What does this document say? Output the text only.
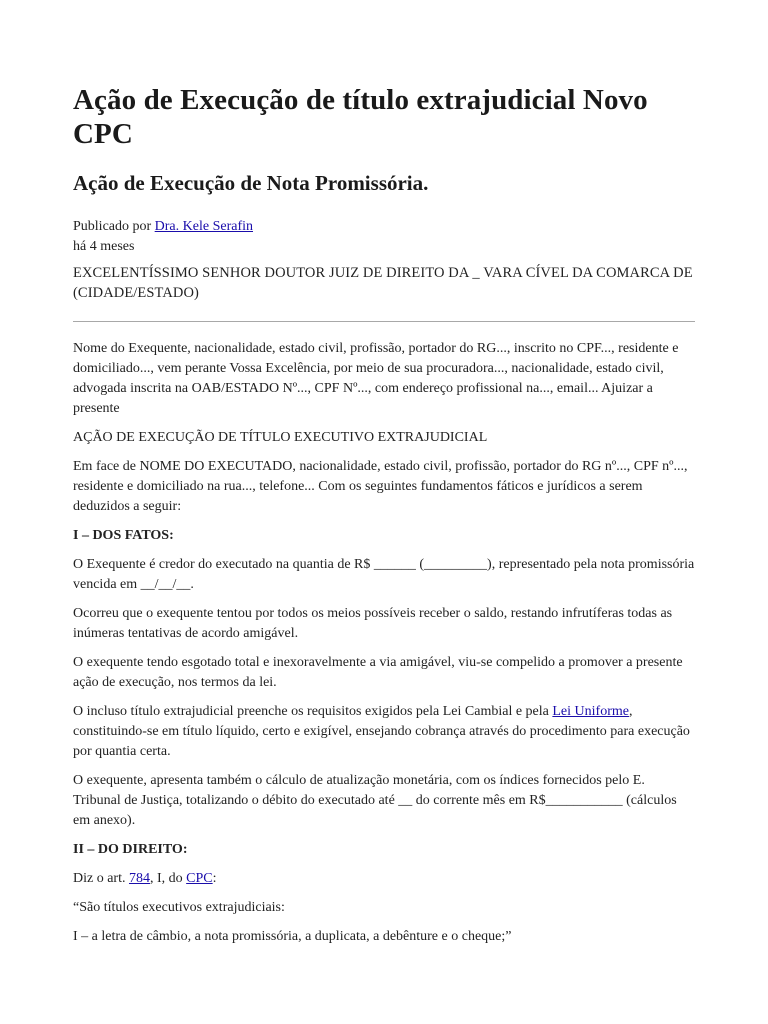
Ação de Execução de título extrajudicial Novo CPC
Ação de Execução de Nota Promissória.
Publicado por Dra. Kele Serafin
há 4 meses
EXCELENTÍSSIMO SENHOR DOUTOR JUIZ DE DIREITO DA _ VARA CÍVEL DA COMARCA DE (CIDADE/ESTADO)

Nome do Exequente, nacionalidade, estado civil, profissão, portador do RG..., inscrito no CPF..., residente e domiciliado..., vem perante Vossa Excelência, por meio de sua procuradora..., nacionalidade, estado civil, advogada inscrita na OAB/ESTADO Nº..., CPF Nº..., com endereço profissional na..., email... Ajuizar a presente

AÇÃO DE EXECUÇÃO DE TÍTULO EXECUTIVO EXTRAJUDICIAL

Em face de NOME DO EXECUTADO, nacionalidade, estado civil, profissão, portador do RG nº..., CPF nº..., residente e domiciliado na rua..., telefone... Com os seguintes fundamentos fáticos e jurídicos a serem deduzidos a seguir:

I – DOS FATOS:

O Exequente é credor do executado na quantia de R$ ______ (_________), representado pela nota promissória vencida em __/__/__.

Ocorreu que o exequente tentou por todos os meios possíveis receber o saldo, restando infrutíferas todas as inúmeras tentativas de acordo amigável.

O exequente tendo esgotado total e inexoravelmente a via amigável, viu-se compelido a promover a presente ação de execução, nos termos da lei.

O incluso título extrajudicial preenche os requisitos exigidos pela Lei Cambial e pela Lei Uniforme, constituindo-se em título líquido, certo e exigível, ensejando cobrança através do procedimento para execução por quantia certa.

O exequente, apresenta também o cálculo de atualização monetária, com os índices fornecidos pelo E. Tribunal de Justiça, totalizando o débito do executado até __ do corrente mês em R$___________ (cálculos em anexo).

II – DO DIREITO:

Diz o art. 784, I, do CPC:

“São títulos executivos extrajudiciais:

I – a letra de câmbio, a nota promissória, a duplicata, a debênture e o cheque;”
